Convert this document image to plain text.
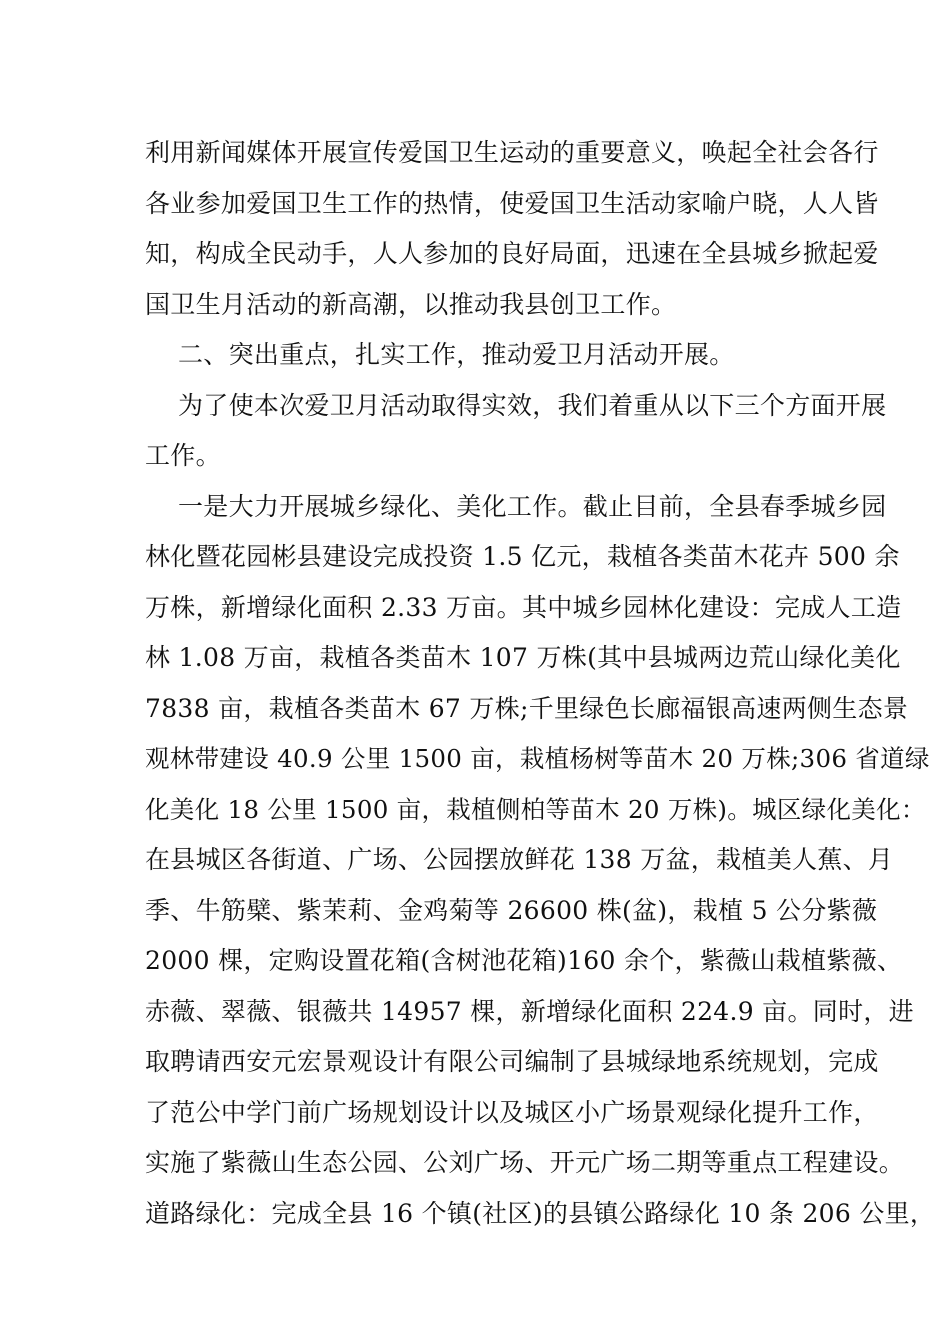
利用新闻媒体开展宣传爱国卫生运动的重要意义，唤起全社会各行
各业参加爱国卫生工作的热情，使爱国卫生活动家喻户晓，人人皆
知，构成全民动手，人人参加的良好局面，迅速在全县城乡掀起爱
国卫生月活动的新高潮，以推动我县创卫工作。
二、突出重点，扎实工作，推动爱卫月活动开展。
为了使本次爱卫月活动取得实效，我们着重从以下三个方面开展
工作。
一是大力开展城乡绿化、美化工作。截止目前，全县春季城乡园
林化暨花园彬县建设完成投资 1.5 亿元，栽植各类苗木花卉 500 余
万株，新增绿化面积 2.33 万亩。其中城乡园林化建设：完成人工造
林 1.08 万亩，栽植各类苗木 107 万株(其中县城两边荒山绿化美化
7838 亩，栽植各类苗木 67 万株;千里绿色长廊福银高速两侧生态景
观林带建设 40.9 公里 1500 亩，栽植杨树等苗木 20 万株;306 省道绿
化美化 18 公里 1500 亩，栽植侧柏等苗木 20 万株)。城区绿化美化：
在县城区各街道、广场、公园摆放鲜花 138 万盆，栽植美人蕉、月
季、牛筋檗、紫茉莉、金鸡菊等 26600 株(盆)，栽植 5 公分紫薇
2000 棵，定购设置花箱(含树池花箱)160 余个，紫薇山栽植紫薇、
赤薇、翠薇、银薇共 14957 棵，新增绿化面积 224.9 亩。同时，进
取聘请西安元宏景观设计有限公司编制了县城绿地系统规划，完成
了范公中学门前广场规划设计以及城区小广场景观绿化提升工作，
实施了紫薇山生态公园、公刘广场、开元广场二期等重点工程建设。
道路绿化：完成全县 16 个镇(社区)的县镇公路绿化 10 条 206 公里，
